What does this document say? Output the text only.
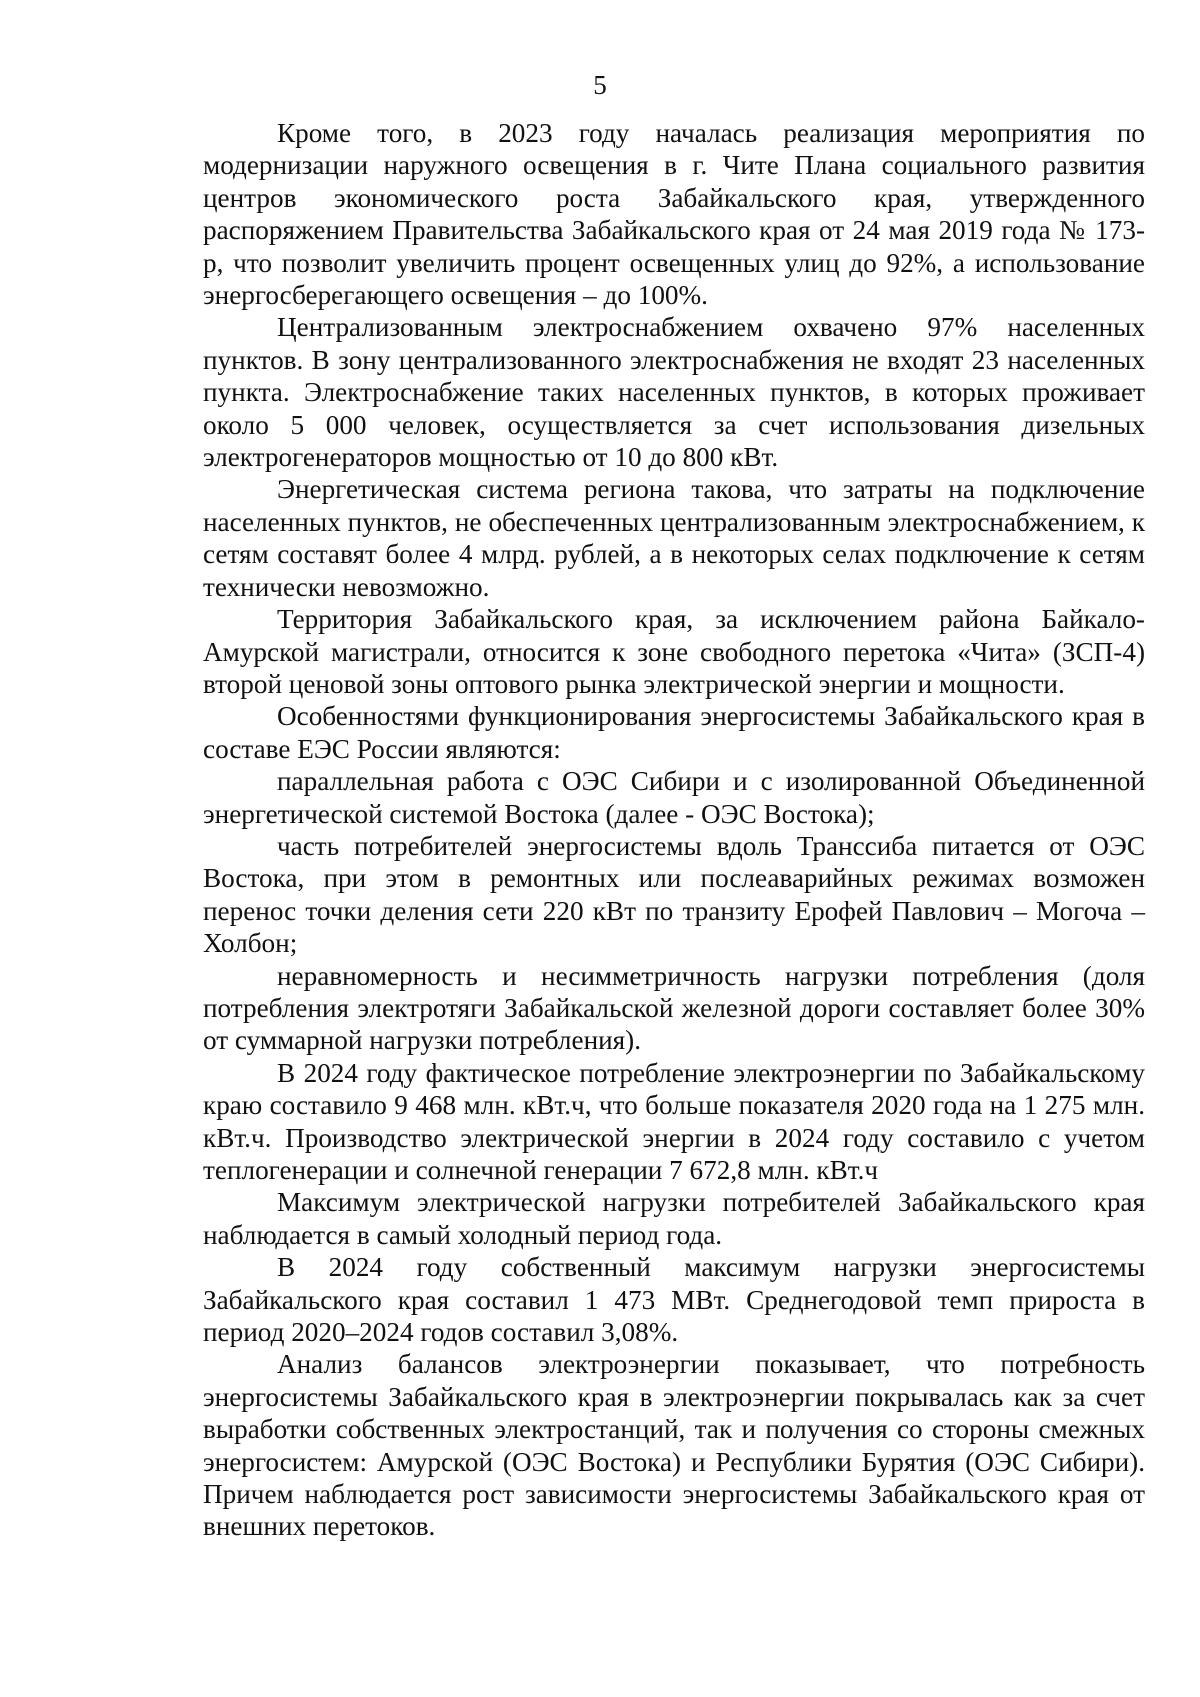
5

Кроме того, в 2023 году началась реализация мероприятия по модернизации наружного освещения в г. Чите Плана социального развития центров экономического роста Забайкальского края, утвержденного распоряжением Правительства Забайкальского края от 24 мая 2019 года № 173-р, что позволит увеличить процент освещенных улиц до 92%, а использование энергосберегающего освещения – до 100%.

Централизованным электроснабжением охвачено 97% населенных пунктов. В зону централизованного электроснабжения не входят 23 населенных пункта. Электроснабжение таких населенных пунктов, в которых проживает около 5 000 человек, осуществляется за счет использования дизельных электрогенераторов мощностью от 10 до 800 кВт.

Энергетическая система региона такова, что затраты на подключение населенных пунктов, не обеспеченных централизованным электроснабжением, к сетям составят более 4 млрд. рублей, а в некоторых селах подключение к сетям технически невозможно.

Территория Забайкальского края, за исключением района Байкало-Амурской магистрали, относится к зоне свободного перетока «Чита» (ЗСП-4) второй ценовой зоны оптового рынка электрической энергии и мощности.

Особенностями функционирования энергосистемы Забайкальского края в составе ЕЭС России являются:

параллельная работа с ОЭС Сибири и с изолированной Объединенной энергетической системой Востока (далее - ОЭС Востока);

часть потребителей энергосистемы вдоль Транссиба питается от ОЭС Востока, при этом в ремонтных или послеаварийных режимах возможен перенос точки деления сети 220 кВт по транзиту Ерофей Павлович – Могоча – Холбон;

неравномерность и несимметричность нагрузки потребления (доля потребления электротяги Забайкальской железной дороги составляет более 30% от суммарной нагрузки потребления).

В 2024 году фактическое потребление электроэнергии по Забайкальскому краю составило 9 468 млн. кВт.ч, что больше показателя 2020 года на 1 275 млн. кВт.ч. Производство электрической энергии в 2024 году составило с учетом теплогенерации и солнечной генерации 7 672,8 млн. кВт.ч

Максимум электрической нагрузки потребителей Забайкальского края наблюдается в самый холодный период года.

В 2024 году собственный максимум нагрузки энергосистемы Забайкальского края составил 1 473 МВт. Среднегодовой темп прироста в период 2020–2024 годов составил 3,08%.

Анализ балансов электроэнергии показывает, что потребность энергосистемы Забайкальского края в электроэнергии покрывалась как за счет выработки собственных электростанций, так и получения со стороны смежных энергосистем: Амурской (ОЭС Востока) и Республики Бурятия (ОЭС Сибири). Причем наблюдается рост зависимости энергосистемы Забайкальского края от внешних перетоков.
